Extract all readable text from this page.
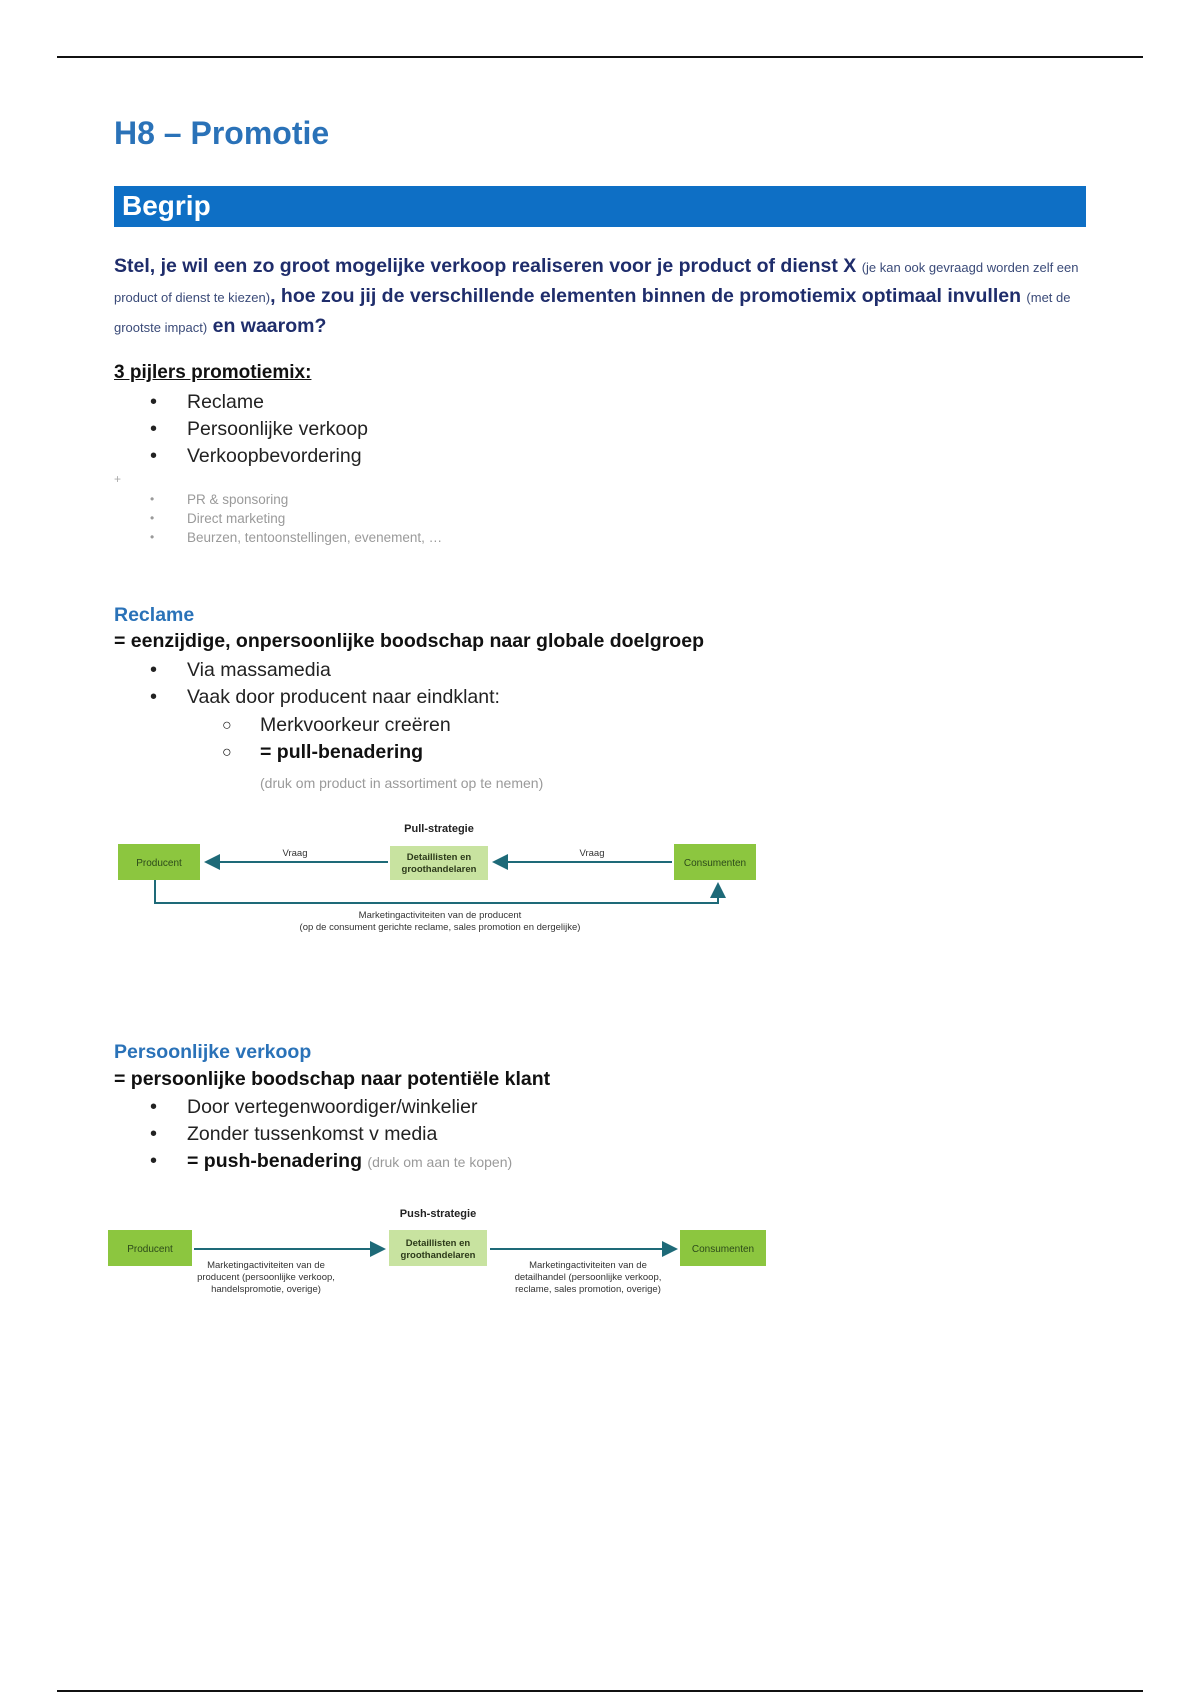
H8 – Promotie
Begrip
Stel, je wil een zo groot mogelijke verkoop realiseren voor je product of dienst X (je kan ook gevraagd worden zelf een product of dienst te kiezen), hoe zou jij de verschillende elementen binnen de promotiemix optimaal invullen (met de grootste impact) en waarom?
3 pijlers promotiemix:
• Reclame
• Persoonlijke verkoop
• Verkoopbevordering
+
• PR & sponsoring
• Direct marketing
• Beurzen, tentoonstellingen, evenement, …
Reclame
= eenzijdige, onpersoonlijke boodschap naar globale doelgroep
• Via massamedia
• Vaak door producent naar eindklant:
○ Merkvoorkeur creëren
○ = pull-benadering
(druk om product in assortiment op te nemen)
Pull-strategie
Producent
Detaillisten en
groothandelaren
Consumenten
Vraag	Vraag
Marketingactiviteiten van de producent
(op de consument gerichte reclame, sales promotion en dergelijke)
Persoonlijke verkoop
= persoonlijke boodschap naar potentiële klant
• Door vertegenwoordiger/winkelier
• Zonder tussenkomst v media
• = push-benadering (druk om aan te kopen)
Push-strategie
Producent
Detaillisten en
groothandelaren
Consumenten
Marketingactiviteiten van de
producent (persoonlijke verkoop,
handelspromotie, overige)
Marketingactiviteiten van de
detailhandel (persoonlijke verkoop,
reclame, sales promotion, overige)
